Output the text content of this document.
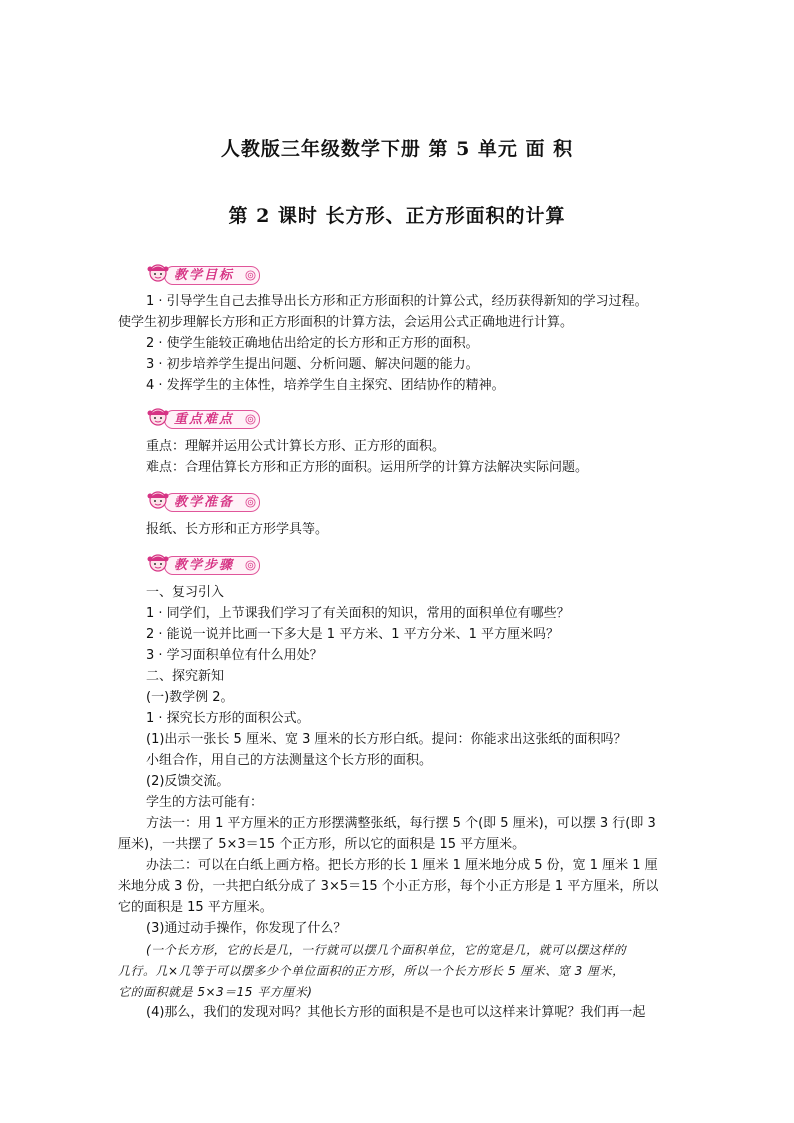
人教版三年级数学下册 第 5 单元 面 积
第 2 课时 长方形、正方形面积的计算
教学目标
1 · 引导学生自己去推导出长方形和正方形面积的计算公式，经历获得新知的学习过程。
使学生初步理解长方形和正方形面积的计算方法，会运用公式正确地进行计算。
2 · 使学生能较正确地估出给定的长方形和正方形的面积。
3 · 初步培养学生提出问题、分析问题、解决问题的能力。
4 · 发挥学生的主体性，培养学生自主探究、团结协作的精神。
重点难点
重点：理解并运用公式计算长方形、正方形的面积。
难点：合理估算长方形和正方形的面积。运用所学的计算方法解决实际问题。
教学准备
报纸、长方形和正方形学具等。
教学步骤
一、复习引入
1 · 同学们，上节课我们学习了有关面积的知识，常用的面积单位有哪些？
2 · 能说一说并比画一下多大是 1 平方米、1 平方分米、1 平方厘米吗？
3 · 学习面积单位有什么用处？
二、探究新知
(一)教学例 2。
1 · 探究长方形的面积公式。
(1)出示一张长 5 厘米、宽 3 厘米的长方形白纸。提问：你能求出这张纸的面积吗？
小组合作，用自己的方法测量这个长方形的面积。
(2)反馈交流。
学生的方法可能有：
方法一：用 1 平方厘米的正方形摆满整张纸，每行摆 5 个(即 5 厘米)，可以摆 3 行(即 3
厘米)，一共摆了 5×3＝15 个正方形，所以它的面积是 15 平方厘米。
办法二：可以在白纸上画方格。把长方形的长 1 厘米 1 厘米地分成 5 份，宽 1 厘米 1 厘
米地分成 3 份，一共把白纸分成了 3×5＝15 个小正方形，每个小正方形是 1 平方厘米，所以
它的面积是 15 平方厘米。
(3)通过动手操作，你发现了什么？
(一个长方形，它的长是几，一行就可以摆几个面积单位，它的宽是几，就可以摆这样的
几行。几×几等于可以摆多少个单位面积的正方形，所以一个长方形长 5 厘米、宽 3 厘米，
它的面积就是 5×3＝15 平方厘米)
(4)那么，我们的发现对吗？其他长方形的面积是不是也可以这样来计算呢？我们再一起
